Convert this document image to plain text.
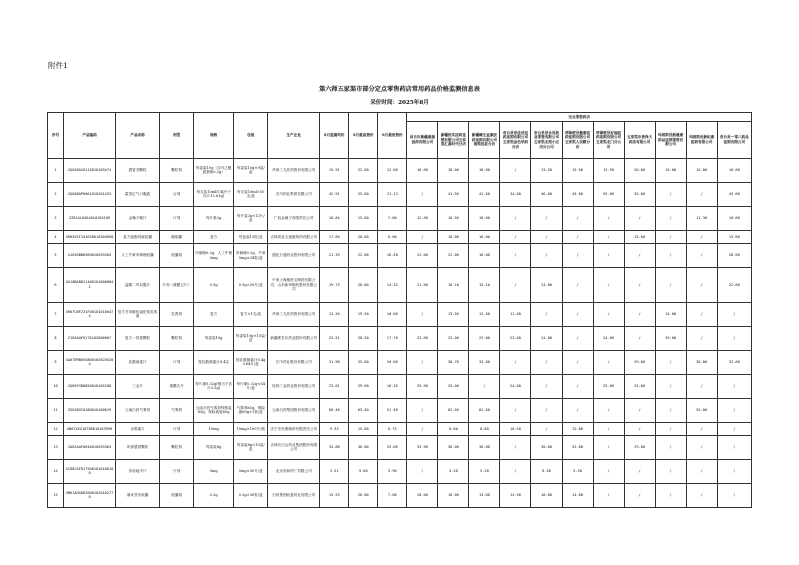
附件1
第六师五家渠市部分定点零售药店常用药品价格监测信息表
采价时间：2025年8月
序号	产品编码	产品名称	剂型	规格	包装	生产企业	8月监测均价	8月最高售价	8月最低售价	定点零售药店										
										昌吉市新疆康源医药有限公司	新疆恒实医药连锁有限公司五家渠汇嘉时代分店	新疆臻生益康医药连锁有限公司南梁桂花分店	奇台县奇佳县医药连锁有限公司五家渠金色华府分店	奇台县奇合县药业零售有限公司五家渠北苑小区店分公司	呼图壁县健康医药连锁有限公司五家渠人民路分店	呼图壁县好福医药连锁有限公司五家渠北门分公司	五家渠市善泽大药房有限公司	玛纳斯县新健康药品连锁零售有限公司	玛纳斯县新佑康医药有限公司	奇台县一零八药品连锁有限公司
1	ZA01BAI0115010109474	感冒灵颗粒	颗粒剂	每袋装10g（含可乙酰氨基酚0.2g）	每袋装10g×9袋/盒	华润三九医药股份有限公司	15.91	22.00	12.00	16.00	18.00	16.00	/	13.50	15.50	15.50	20.00	16.00	15.00	16.00
2	ZA04BAP0061010201453	藿香正气口服液	合剂	每支装10ml(1毫升于饮片15.61g)	每支装10ml×10支/盒	济川药业集团有限公司	42.91	55.00	31.13	/	41.50	41.50	34.00	46.00	45.00	55.00	35.00	/	/	45.00
3	ZZ01AL0464010105109	金嗓子喉片	片剂	每片重2g	每片装2g×12片/盒	广西金嗓子有限责任公司	10.84	15.00	7.00	12.00	10.50	10.00	/	/	/	/	/	/	11.30	10.00
4	XR05XSF154038010303690	复方氨酚烷胺胶囊	硬胶囊	复方	每盒装12粒/盒	吉林省亚太迪康制药有限公司	17.66	20.00	6.00	/	16.00	16.00	/	/	/	/	15.00	/	/	15.00
5	XJ01DBB0560010203384	人工牛黄甲硝唑胶囊	胶囊剂	甲硝唑0.2g，人工牛黄5mg	甲硝唑0.2g，牛黄5mg×24粒/盒	通化万通药业股份有限公司	21.39	22.00	16.50	22.00	22.00	16.00	/	/	/	/	/	/	/	20.00
6	XA10BAB0214001010000842	盐酸二甲双胍片	片剂（薄膜衣片）	0.5g	0.5g×20片/盒	中美上海施贵宝制药有限公司，山东新华制药股份有限公司	19.73	26.00	14.32	21.00	16.10	15.10	/	24.00	/	/	/	/	/	22.00
7	XR07CBF231F001010100474	复方甘草酸铵氯化铵乳浆液	乳膏剂	复方	复方×1支/盒	华润三九医药股份有限公司	13.26	19.50	10.00	/	13.50	13.50	11.00	/	/	/	/	14.00	/	/
8	Z10SAAF0170102006007	复方一枝蒿颗粒	颗粒剂	每袋装10g	每袋装10g×10袋/盒	新疆维吾尔药业股份有限公司	23.51	28.50	17.70	23.00	23.00	23.00	23.00	24.00	/	24.00	/	29.00	/	/
9	XA07EMB0558001020205204	乳酸菌素片	片剂	按乳酸菌素计0.4克	按乳酸菌素计0.4g×64片/盒	江中药业股份有限公司	31.98	35.00	20.00	/	30.70	33.00	/	/	/	/	29.00	/	30.00	32.00
10	ZA05FXB0050010105208	三金片	薄膜衣片	每片重0.32g(相当于饮片3.5g)	每片重0.32g×54片/盒	桂林三金药业股份有限公司	23.01	29.00	16.35	25.00	29.00	/	24.00	/	/	25.00	25.00	/	/	/
11	ZG01BGY0180010100629	云南白药气雾剂	气雾剂	云南白药气雾剂每瓶装85g，保险液装60g	气雾剂85g，保险液60g×1套/盒	云南白药集团股份有限公司	60.46	63.50	51.50	/	62.50	62.50	/	/	/	/	/	/	55.00	/
12	XN07XXG10780010103990	谷维素片	片剂	10mg	10mg×100片/瓶	济宁市安康制药有限责任公司	9.35	15.00	6.75	/	8.80	8.80	10.50	/	12.00	/	/	/	/	/
13	ZA01AAF0640010203364	风寒感冒颗粒	颗粒剂	每袋装8g	每袋装8g×10袋/盒	吉林长白山药业集团股份有限公司	34.88	36.00	25.00	33.90	36.00	36.00	/	30.00	32.00	/	29.00	/	/	/
14	XC08CAF0175001010100100	非洛地平片	片剂	5mg	5mg×30片/盒	北京协和药厂有限公司	5.51	9.00	3.90	/	5.20	5.20	/	6.50	5.50	/	/	/	/	/
15	XM01AHX0020001020102770	塞来昔布胶囊	胶囊剂	0.2g	0.2g×30粒/盒	石药集团欧意药业有限公司	15.53	26.00	7.00	20.00	16.00	13.00	14.50	18.00	14.00	/	/	/	/	/
